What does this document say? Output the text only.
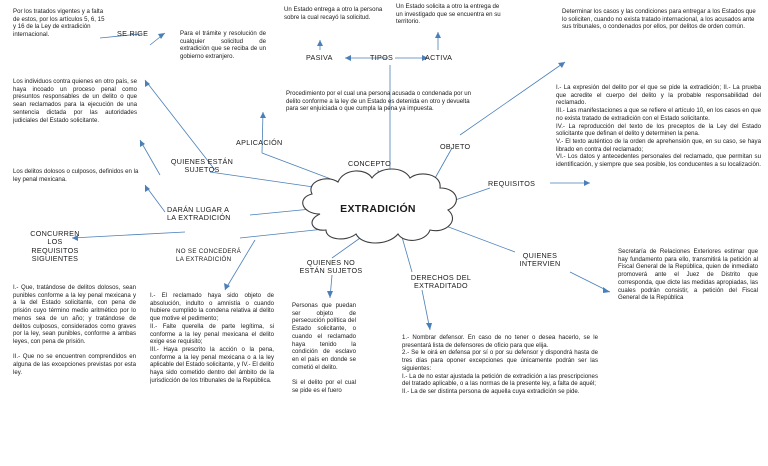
EXTRADICIÓN
Por los tratados vigentes y a falta de estos, por los artículos 5, 6, 15 y 16 de la Ley de extradición internacional.	SE RIGE	Para el trámite y resolución de cualquier solicitud de extradición que se reciba de un gobierno extranjero.
APLICACIÓN
Un Estado entrega a otro la persona sobre la cual recayó la solicitud.
Un Estado solicita a otro la entrega de un investigado que se encuentra en su territorio.
PASIVA	TIPOS	ACTIVA
Procedimiento por el cual una persona acusada o condenada por un delito conforme a la ley de un Estado es detenida en otro y devuelta para ser enjuiciada o que cumpla la pena ya impuesta.
CONCEPTO
Determinar los casos y las condiciones para entregar a los Estados que lo soliciten, cuando no exista tratado internacional, a los acusados ante sus tribunales, o condenados por ellos, por delitos de orden común.
OBJETO
I.- La expresión del delito por el que se pide la extradición; II.- La prueba que acredite el cuerpo del delito y la probable responsabilidad del reclamado.
III.- Las manifestaciones a que se refiere el artículo 10, en los casos en que no exista tratado de extradición con el Estado solicitante.
IV.- La reproducción del texto de los preceptos de la Ley del Estado solicitante que definan el delito y determinen la pena.
V.- El texto auténtico de la orden de aprehensión que, en su caso, se haya librado en contra del reclamado;
VI.- Los datos y antecedentes personales del reclamado, que permitan su identificación, y siempre que sea posible, los conducentes a su localización.
REQUISITOS
Los individuos contra quienes en otro país, se haya incoado un proceso penal como presuntos responsables de un delito o que sean reclamados para la ejecución de una sentencia dictada por las autoridades judiciales del Estado solicitante.
QUIENES ESTÁN
SUJETOS
Los delitos dolosos o culposos, definidos en la ley penal mexicana.
DARÁN LUGAR A
LA EXTRADICIÓN
CONCURREN
LOS
REQUISITOS
SIGUIENTES
I.- Que, tratándose de delitos dolosos, sean punibles conforme a la ley penal mexicana y a la del Estado solicitante, con pena de prisión cuyo término medio aritmético por lo menos sea de un año; y tratándose de delitos culposos, considerados como graves por la ley, sean punibles, conforme a ambas leyes, con pena de prisión.

II.- Que no se encuentren comprendidos en alguna de las excepciones previstas por esta ley.
NO SE CONCEDERÁ
LA EXTRADICIÓN
I.- El reclamado haya sido objeto de absolución, indulto o amnistía o cuando hubiere cumplido la condena relativa al delito que motive el pedimento;
II.- Falte querella de parte legítima, si conforme a la ley penal mexicana el delito exige ese requisito;
III.- Haya prescrito la acción o la pena, conforme a la ley penal mexicana o a la ley aplicable del Estado solicitante, y IV.- El delito haya sido cometido dentro del ámbito de la jurisdicción de los tribunales de la República.
QUIENES NO
ESTÁN SUJETOS
Personas que puedan ser objeto de persecución política del Estado solicitante, o cuando el reclamado haya tenido la condición de esclavo en el país en donde se cometió el delito.

Si el delito por el cual se pide es el fuero
DERECHOS DEL
EXTRADITADO
1.- Nombrar defensor. En caso de no tener o desea hacerlo, se le presentará lista de defensores de oficio para que elija.
2.- Se le oirá en defensa por sí o por su defensor y dispondrá hasta de tres días para oponer excepciones que únicamente podrán ser las siguientes:
I.- La de no estar ajustada la petición de extradición a las prescripciones del tratado aplicable, o a las normas de la presente ley, a falta de aquél;
II.- La de ser distinta persona de aquella cuya extradición se pide.
QUIENES
INTERVIEN
Secretaría de Relaciones Exteriores estimar que hay fundamento para ello, transmitirá la petición al Fiscal General de la República, quien de inmediato promoverá ante el Juez de Distrito que corresponda, que dicte las medidas apropiadas, las cuales podrán consistir, a petición del Fiscal General de la República
